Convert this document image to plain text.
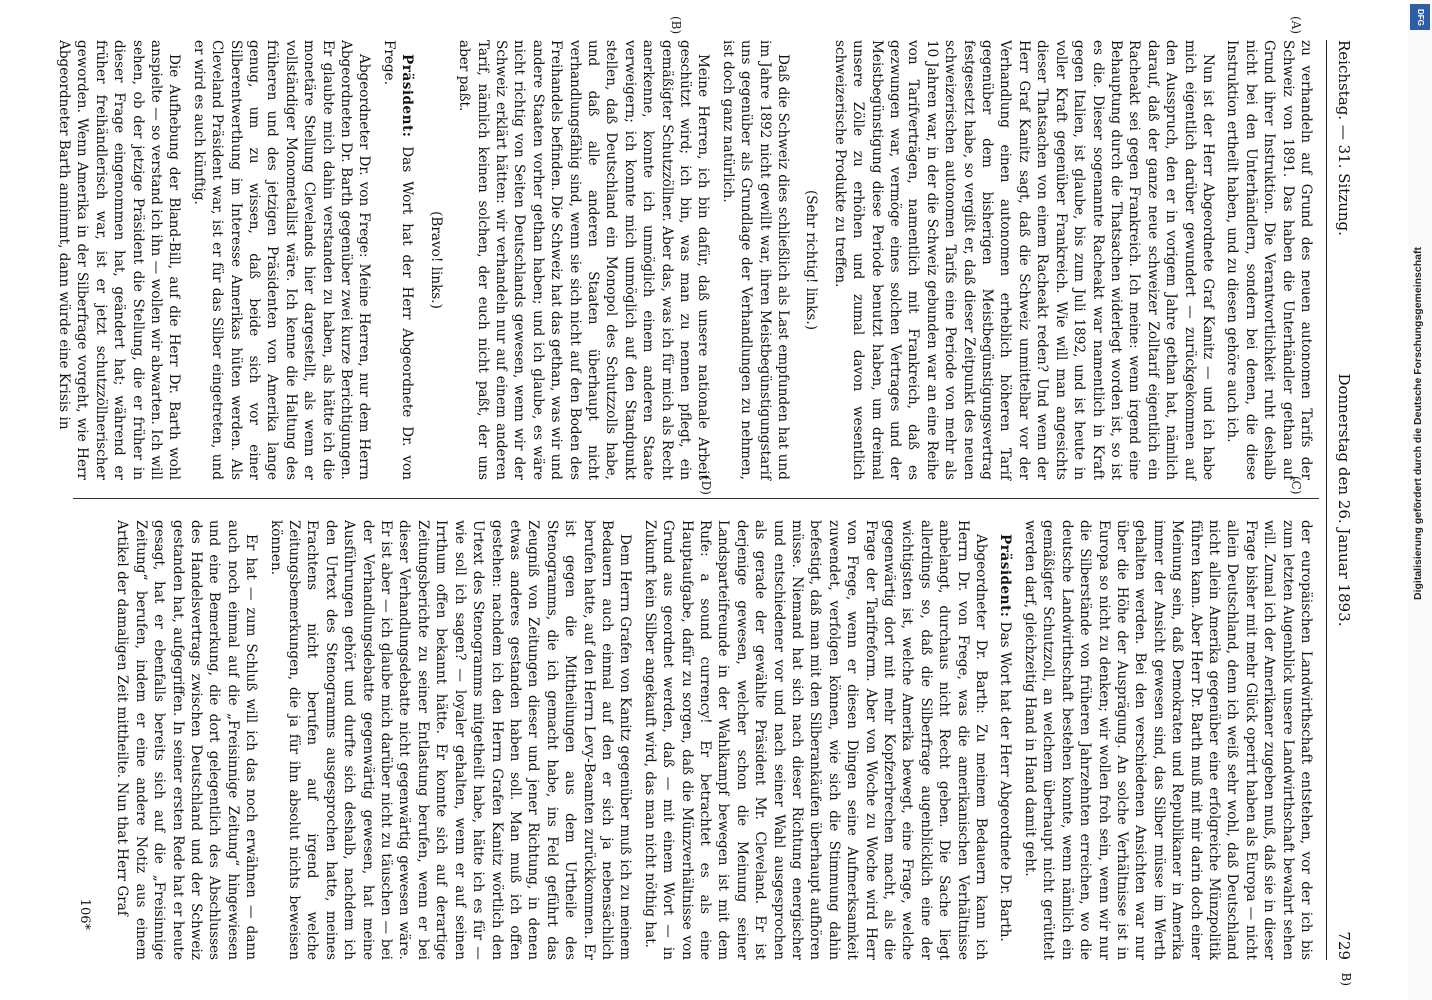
Reichstag. — 31. Sitzung.
Donnerstag den 26. Januar 1893.
729
B)
(A)
(B)
(C)
(D)

zu verhandeln auf Grund des neuen autonomen Tarifs der Schweiz von 1891. Das haben die Unterhändler gethan auf Grund ihrer Instruktion. Die Verantwortlichkeit ruht deshalb nicht bei den Unterhändlern, sondern bei denen, die diese Instruktion ertheilt haben, und zu diesen gehöre auch ich.

Nun ist der Herr Abgeordnete Graf Kanitz — und ich habe mich eigentlich darüber gewundert — zurückgekommen auf den Ausspruch, den er in vorigem Jahre gethan hat, nämlich darauf, daß der ganze neue schweizer Zolltarif eigentlich ein Racheakt sei gegen Frankreich. Ich meine: wenn irgend eine Behauptung durch die Thatsachen widerlegt worden ist, so ist es die. Dieser sogenannte Racheakt war namentlich in Kraft gegen Italien, ist glaube, bis zum Juli 1892, und ist heute in voller Kraft gegenüber Frankreich. Wie will man angesichts dieser Thatsachen von einem Racheakt reden? Und wenn der Herr Graf Kanitz sagt, daß die Schweiz unmittelbar vor der Verhandlung einen autonomen erheblich höheren Tarif gegenüber dem bisherigen Meistbegünstigungsvertrag festgesetzt habe, so vergißt er, daß dieser Zeitpunkt des neuen schweizerischen autonomen Tarifs eine Periode von mehr als 10 Jahren war, in der die Schweiz gebunden war an eine Reihe von Tarifverträgen, namentlich mit Frankreich, daß es gezwungen war, vermöge eines solchen Vertrages und der Meistbegünstigung diese Periode benutzt haben, um dreimal unsere Zölle zu erhöhen und zumal davon wesentlich schweizerische Produkte zu treffen.

(Sehr richtig! links.)

Daß die Schweiz dies schließlich als Last empfunden hat und im Jahre 1892 nicht gewillt war, ihren Meistbegünstigungstarif uns gegenüber als Grundlage der Verhandlungen zu nehmen, ist doch ganz natürlich.

Meine Herren, ich bin dafür, daß unsere nationale Arbeit geschützt wird; ich bin, was man zu nennen pflegt, ein gemäßigter Schutzzöllner. Aber das, was ich für mich als Recht anerkenne, konnte ich unmöglich einem anderen Staate verweigern; ich konnte mich unmöglich auf den Standpunkt stellen, daß Deutschland ein Monopol des Schutzzolls habe, und daß alle anderen Staaten überhaupt nicht verhandlungsfähig sind, wenn sie sich nicht auf den Boden des Freihandels befinden. Die Schweiz hat das gethan, was wir und andere Staaten vorher gethan haben; und ich glaube, es wäre nicht richtig von Seiten Deutschlands gewesen, wenn wir der Schweiz erklärt hätten: wir verhandeln nur auf einem anderen Tarif, nämlich keinen solchen, der euch nicht paßt, der uns aber paßt.

(Bravo! links.)

Präsident: Das Wort hat der Herr Abgeordnete Dr. von Frege.

Abgeordneter Dr. von Frege: Meine Herren, nur dem Herrn Abgeordneten Dr. Barth gegenüber zwei kurze Berichtigungen. Er glaubte mich dahin verstanden zu haben, als hätte ich die monetäre Stellung Clevelands hier dargestellt, als wenn er vollständiger Monometallist wäre. Ich kenne die Haltung des früheren und des jetzigen Präsidenten von Amerika lange genug, um zu wissen, daß beide sich vor einer Silberentwerthung im Interesse Amerikas hüten werden. Als Cleveland Präsident war, ist er für das Silber eingetreten, und er wird es auch künftig.

Die Aufhebung der Bland-Bill, auf die Herr Dr. Barth wohl anspielte — so verstand ich ihn — wollen wir abwarten. Ich will sehen, ob der jetzige Präsident die Stellung, die er früher in dieser Frage eingenommen hat, geändert hat; während er früher freihändlerisch war, ist er jetzt schutzzöllnerischer geworden. Wenn Amerika in der Silberfrage vorgeht, wie Herr Abgeordneter Barth annimmt, dann würde eine Krisis in

der europäischen Landwirthschaft entstehen, vor der ich bis zum letzten Augenblick unsere Landwirthschaft bewahrt sehen will. Zumal ich der Amerikaner zugeben muß, daß sie in dieser Frage bisher mit mehr Glück operirt haben als Europa — nicht allein Deutschland, denn ich weiß sehr wohl, daß Deutschland nicht allein Amerika gegenüber eine erfolgreiche Münzpolitik führen kann. Aber Herr Dr. Barth muß mit mir darin doch einer Meinung sein, daß Demokraten und Republikaner in Amerika immer der Ansicht gewesen sind, das Silber müsse im Werth gehalten werden. Bei den verschiedenen Ansichten war nur über die Höhe der Ausprägung. An solche Verhältnisse ist in Europa so nicht zu denken; wir wollen froh sein, wenn wir nur die Silberstände von früheren Jahrzehnten erreichen, wo die deutsche Landwirthschaft bestehen konnte, wenn nämlich ein gemäßigter Schutzzoll, an welchem überhaupt nicht gerüttelt werden darf, gleichzeitig Hand in Hand damit geht.

Präsident: Das Wort hat der Herr Abgeordnete Dr. Barth.

Abgeordneter Dr. Barth: Zu meinem Bedauern kann ich Herrn Dr. von Frege, was die amerikanischen Verhältnisse anbelangt, durchaus nicht Recht geben. Die Sache liegt allerdings so, daß die Silberfrage augenblicklich eine der wichtigsten ist, welche Amerika bewegt, eine Frage, welche gegenwärtig dort mit mehr Kopfzerbrechen macht, als die Frage der Tarifreform. Aber von Woche zu Woche wird Herr von Frege, wenn er diesen Dingen seine Aufmerksamkeit zuwendet, verfolgen können, wie sich die Stimmung dahin befestigt, daß man mit den Silberankäufen überhaupt aufhören müsse. Niemand hat sich nach dieser Richtung energischer und entschiedener vor und nach seiner Wahl ausgesprochen als gerade der gewählte Präsident Mr. Cleveland. Er ist derjenige gewesen, welcher schon die Meinung seiner Landsparteifreunde in der Wahlkampf bewegen ist mit dem Rufe: a sound currency! Er betrachtet es als eine Hauptaufgabe, dafür zu sorgen, daß die Münzverhältnisse von Grund aus geordnet werden, daß — mit einem Wort — in Zukunft kein Silber angekauft wird, das man nicht nöthig hat.

Dem Herrn Grafen von Kanitz gegenüber muß ich zu meinem Bedauern auch einmal auf den er sich ja nebensächlich berufen hatte, auf den Herrn Levy-Beamten zurückkommen. Er ist gegen die Mittheilungen aus dem Urtheile des Stenogramms, die ich gemacht habe, ins Feld geführt das Zeugniß von Zeitungen dieser und jener Richtung, in denen etwas anderes gestanden haben soll. Man muß ich offen gestehen: nachdem ich den Herrn Grafen Kanitz wörtlich den Urtext des Stenogramms mitgetheilt habe, hätte ich es für — wie soll ich sagen? — loyaler gehalten, wenn er auf seinen Irrthum offen bekannt hätte. Er konnte sich auf derartige Zeitungsberichte zu seiner Entlastung berufen, wenn er bei dieser Verhandlungsdebatte nicht gegenwärtig gewesen wäre. Er ist aber — ich glaube mich darüber nicht zu täuschen — bei der Verhandlungsdebatte gegenwärtig gewesen, hat meine Ausführungen gehört und durfte sich deshalb, nachdem ich den Urtext des Stenogramms ausgesprochen hatte, meines Erachtens nicht berufen auf irgend welche Zeitungsbemerkungen, die ja für ihn absolut nichts beweisen können.

Er hat — zum Schluß will ich das noch erwähnen — dann auch noch einmal auf die „Freisinnige Zeitung“ hingewiesen und eine Bemerkung, die dort gelegentlich des Abschlusses des Handelsvertrags zwischen Deutschland und der Schweiz gestanden hat, aufgegriffen. In seiner ersten Rede hat er heute gesagt, hat er ebenfalls bereits sich auf die „Freisinnige Zeitung“ berufen, indem er eine andere Notiz aus einem Artikel der damaligen Zeit mittheilte. Nun that Herr Graf

106*
DFG
Digitalisierung gefördert durch die Deutsche Forschungsgemeinschaft
